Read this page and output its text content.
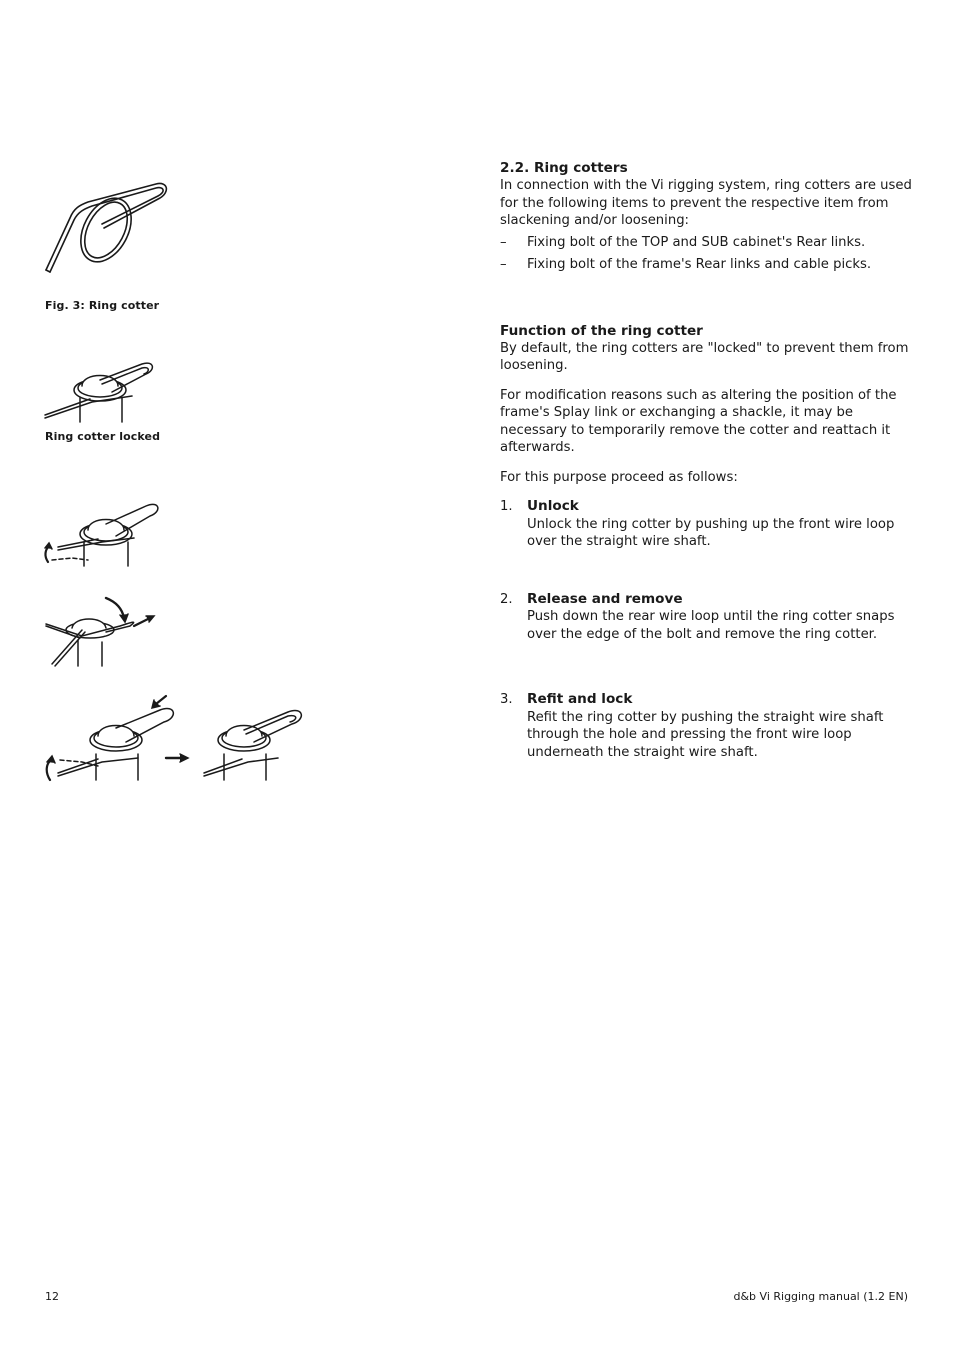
Fig. 3: Ring cotter
Ring cotter locked
2.2. Ring cotters

In connection with the Vi rigging system, ring cotters are used for the following items to prevent the respective item from slackening and/or loosening:

– Fixing bolt of the TOP and SUB cabinet's Rear links.
– Fixing bolt of the frame's Rear links and cable picks.
Function of the ring cotter

By default, the ring cotters are "locked" to prevent them from loosening.

For modification reasons such as altering the position of the frame's Splay link or exchanging a shackle, it may be necessary to temporarily remove the cotter and reattach it afterwards.

For this purpose proceed as follows:

1. Unlock
Unlock the ring cotter by pushing up the front wire loop over the straight wire shaft.
2. Release and remove
Push down the rear wire loop until the ring cotter snaps over the edge of the bolt and remove the ring cotter.
3. Refit and lock
Refit the ring cotter by pushing the straight wire shaft through the hole and pressing the front wire loop underneath the straight wire shaft.
12	d&b Vi Rigging manual (1.2 EN)
